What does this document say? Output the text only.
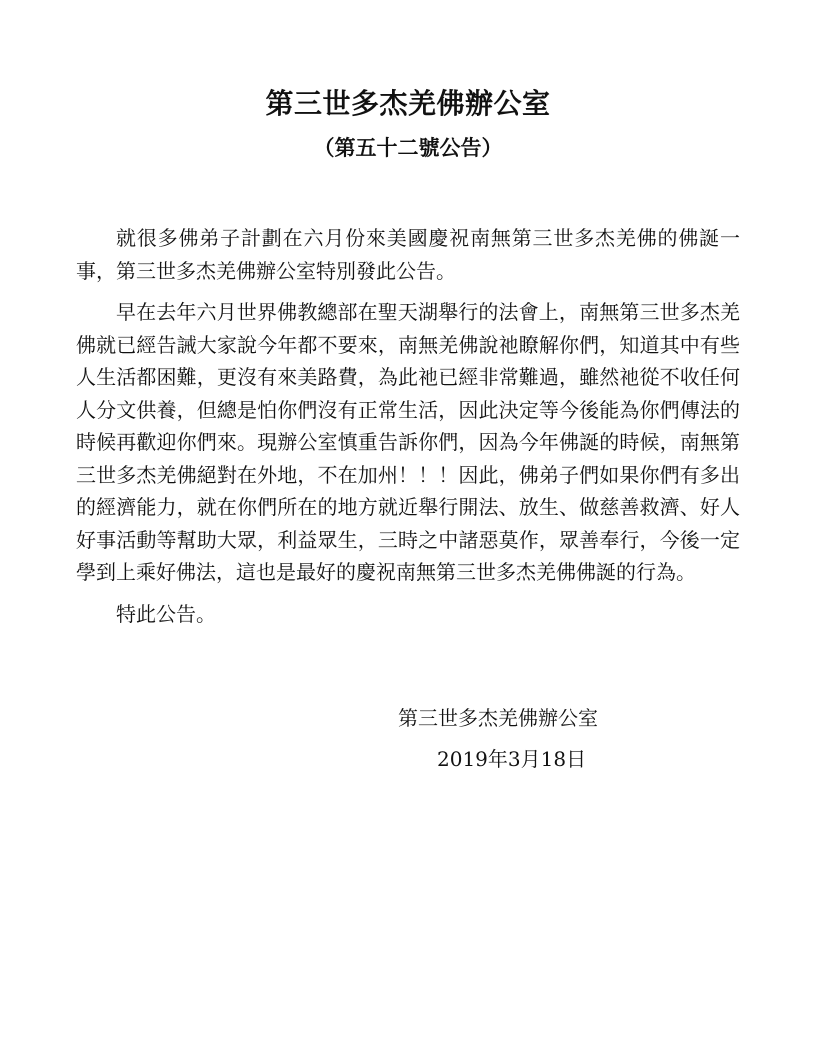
第三世多杰羌佛辦公室
（第五十二號公告）

就很多佛弟子計劃在六月份來美國慶祝南無第三世多杰羌佛的佛誕一事，第三世多杰羌佛辦公室特別發此公告。

早在去年六月世界佛教總部在聖天湖舉行的法會上，南無第三世多杰羌佛就已經告誡大家說今年都不要來，南無羌佛說祂瞭解你們，知道其中有些人生活都困難，更沒有來美路費，為此祂已經非常難過，雖然祂從不收任何人分文供養，但總是怕你們沒有正常生活，因此決定等今後能為你們傳法的時候再歡迎你們來。現辦公室慎重告訴你們，因為今年佛誕的時候，南無第三世多杰羌佛絕對在外地，不在加州！！！因此，佛弟子們如果你們有多出的經濟能力，就在你們所在的地方就近舉行開法、放生、做慈善救濟、好人好事活動等幫助大眾，利益眾生，三時之中諸惡莫作，眾善奉行，今後一定學到上乘好佛法，這也是最好的慶祝南無第三世多杰羌佛佛誕的行為。

特此公告。

第三世多杰羌佛辦公室
2019年3月18日
